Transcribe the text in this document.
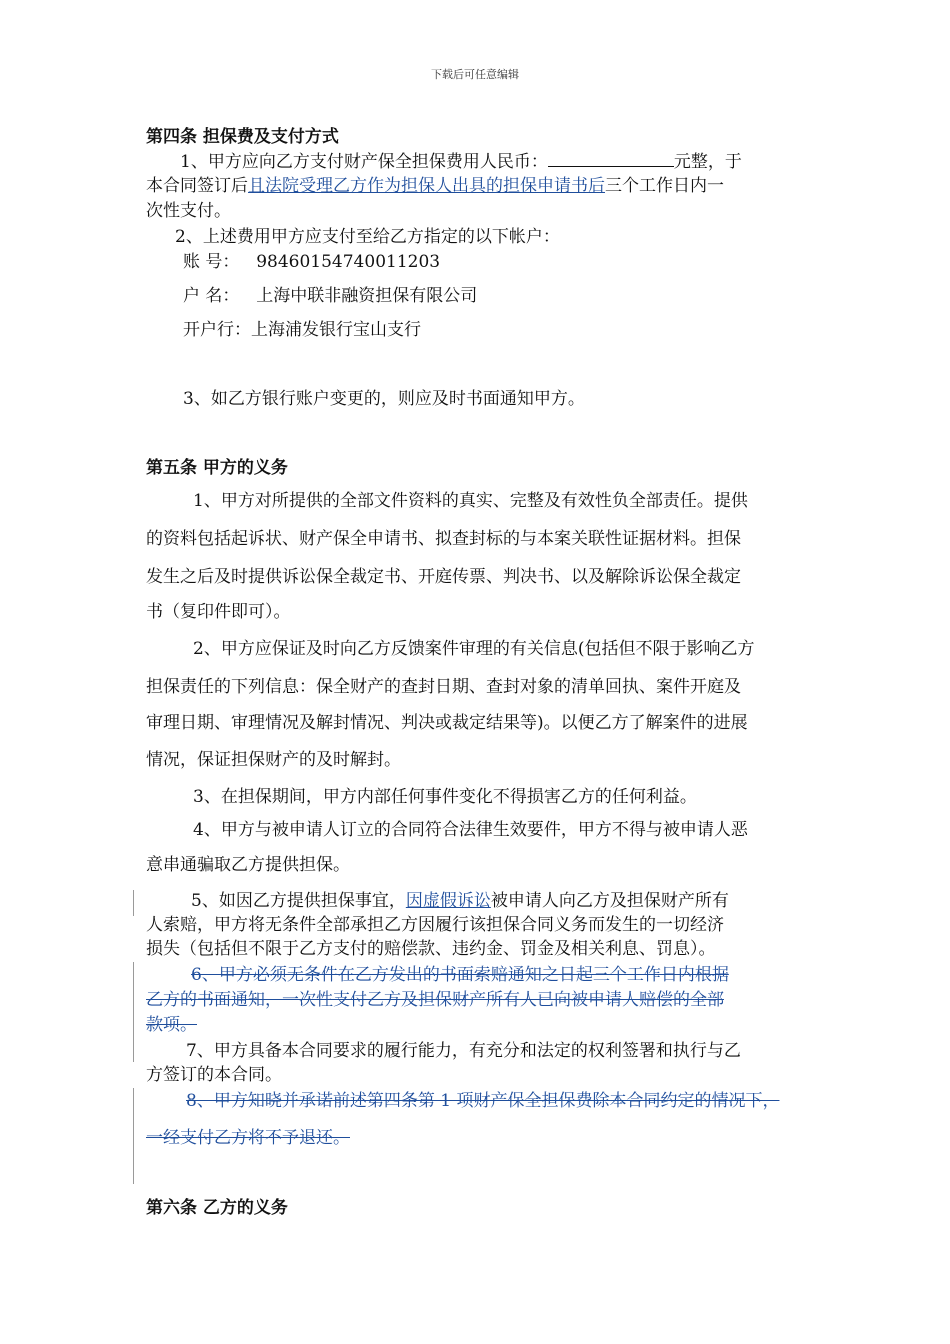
下载后可任意编辑
第四条 担保费及支付方式
1、甲方应向乙方支付财产保全担保费用人民币：	元整，于
本合同签订后且法院受理乙方作为担保人出具的担保申请书后三个工作日内一
次性支付。
2、上述费用甲方应支付至给乙方指定的以下帐户：
账 号： 98460154740011203
户 名： 上海中联非融资担保有限公司
开户行：上海浦发银行宝山支行
3、如乙方银行账户变更的，则应及时书面通知甲方。
第五条 甲方的义务
1、甲方对所提供的全部文件资料的真实、完整及有效性负全部责任。提供
的资料包括起诉状、财产保全申请书、拟查封标的与本案关联性证据材料。担保
发生之后及时提供诉讼保全裁定书、开庭传票、判决书、以及解除诉讼保全裁定
书（复印件即可）。
2、甲方应保证及时向乙方反馈案件审理的有关信息(包括但不限于影响乙方
担保责任的下列信息：保全财产的查封日期、查封对象的清单回执、案件开庭及
审理日期、审理情况及解封情况、判决或裁定结果等)。以便乙方了解案件的进展
情况，保证担保财产的及时解封。
3、在担保期间，甲方内部任何事件变化不得损害乙方的任何利益。
4、甲方与被申请人订立的合同符合法律生效要件，甲方不得与被申请人恶
意串通骗取乙方提供担保。
5、如因乙方提供担保事宜，因虚假诉讼被申请人向乙方及担保财产所有
人索赔，甲方将无条件全部承担乙方因履行该担保合同义务而发生的一切经济
损失（包括但不限于乙方支付的赔偿款、违约金、罚金及相关利息、罚息）。
6、甲方必须无条件在乙方发出的书面索赔通知之日起三个工作日内根据
乙方的书面通知，一次性支付乙方及担保财产所有人已向被申请人赔偿的全部
款项。
7、甲方具备本合同要求的履行能力，有充分和法定的权利签署和执行与乙
方签订的本合同。
8、甲方知晓并承诺前述第四条第 1 项财产保全担保费除本合同约定的情况下，
一经支付乙方将不予退还。
第六条 乙方的义务
